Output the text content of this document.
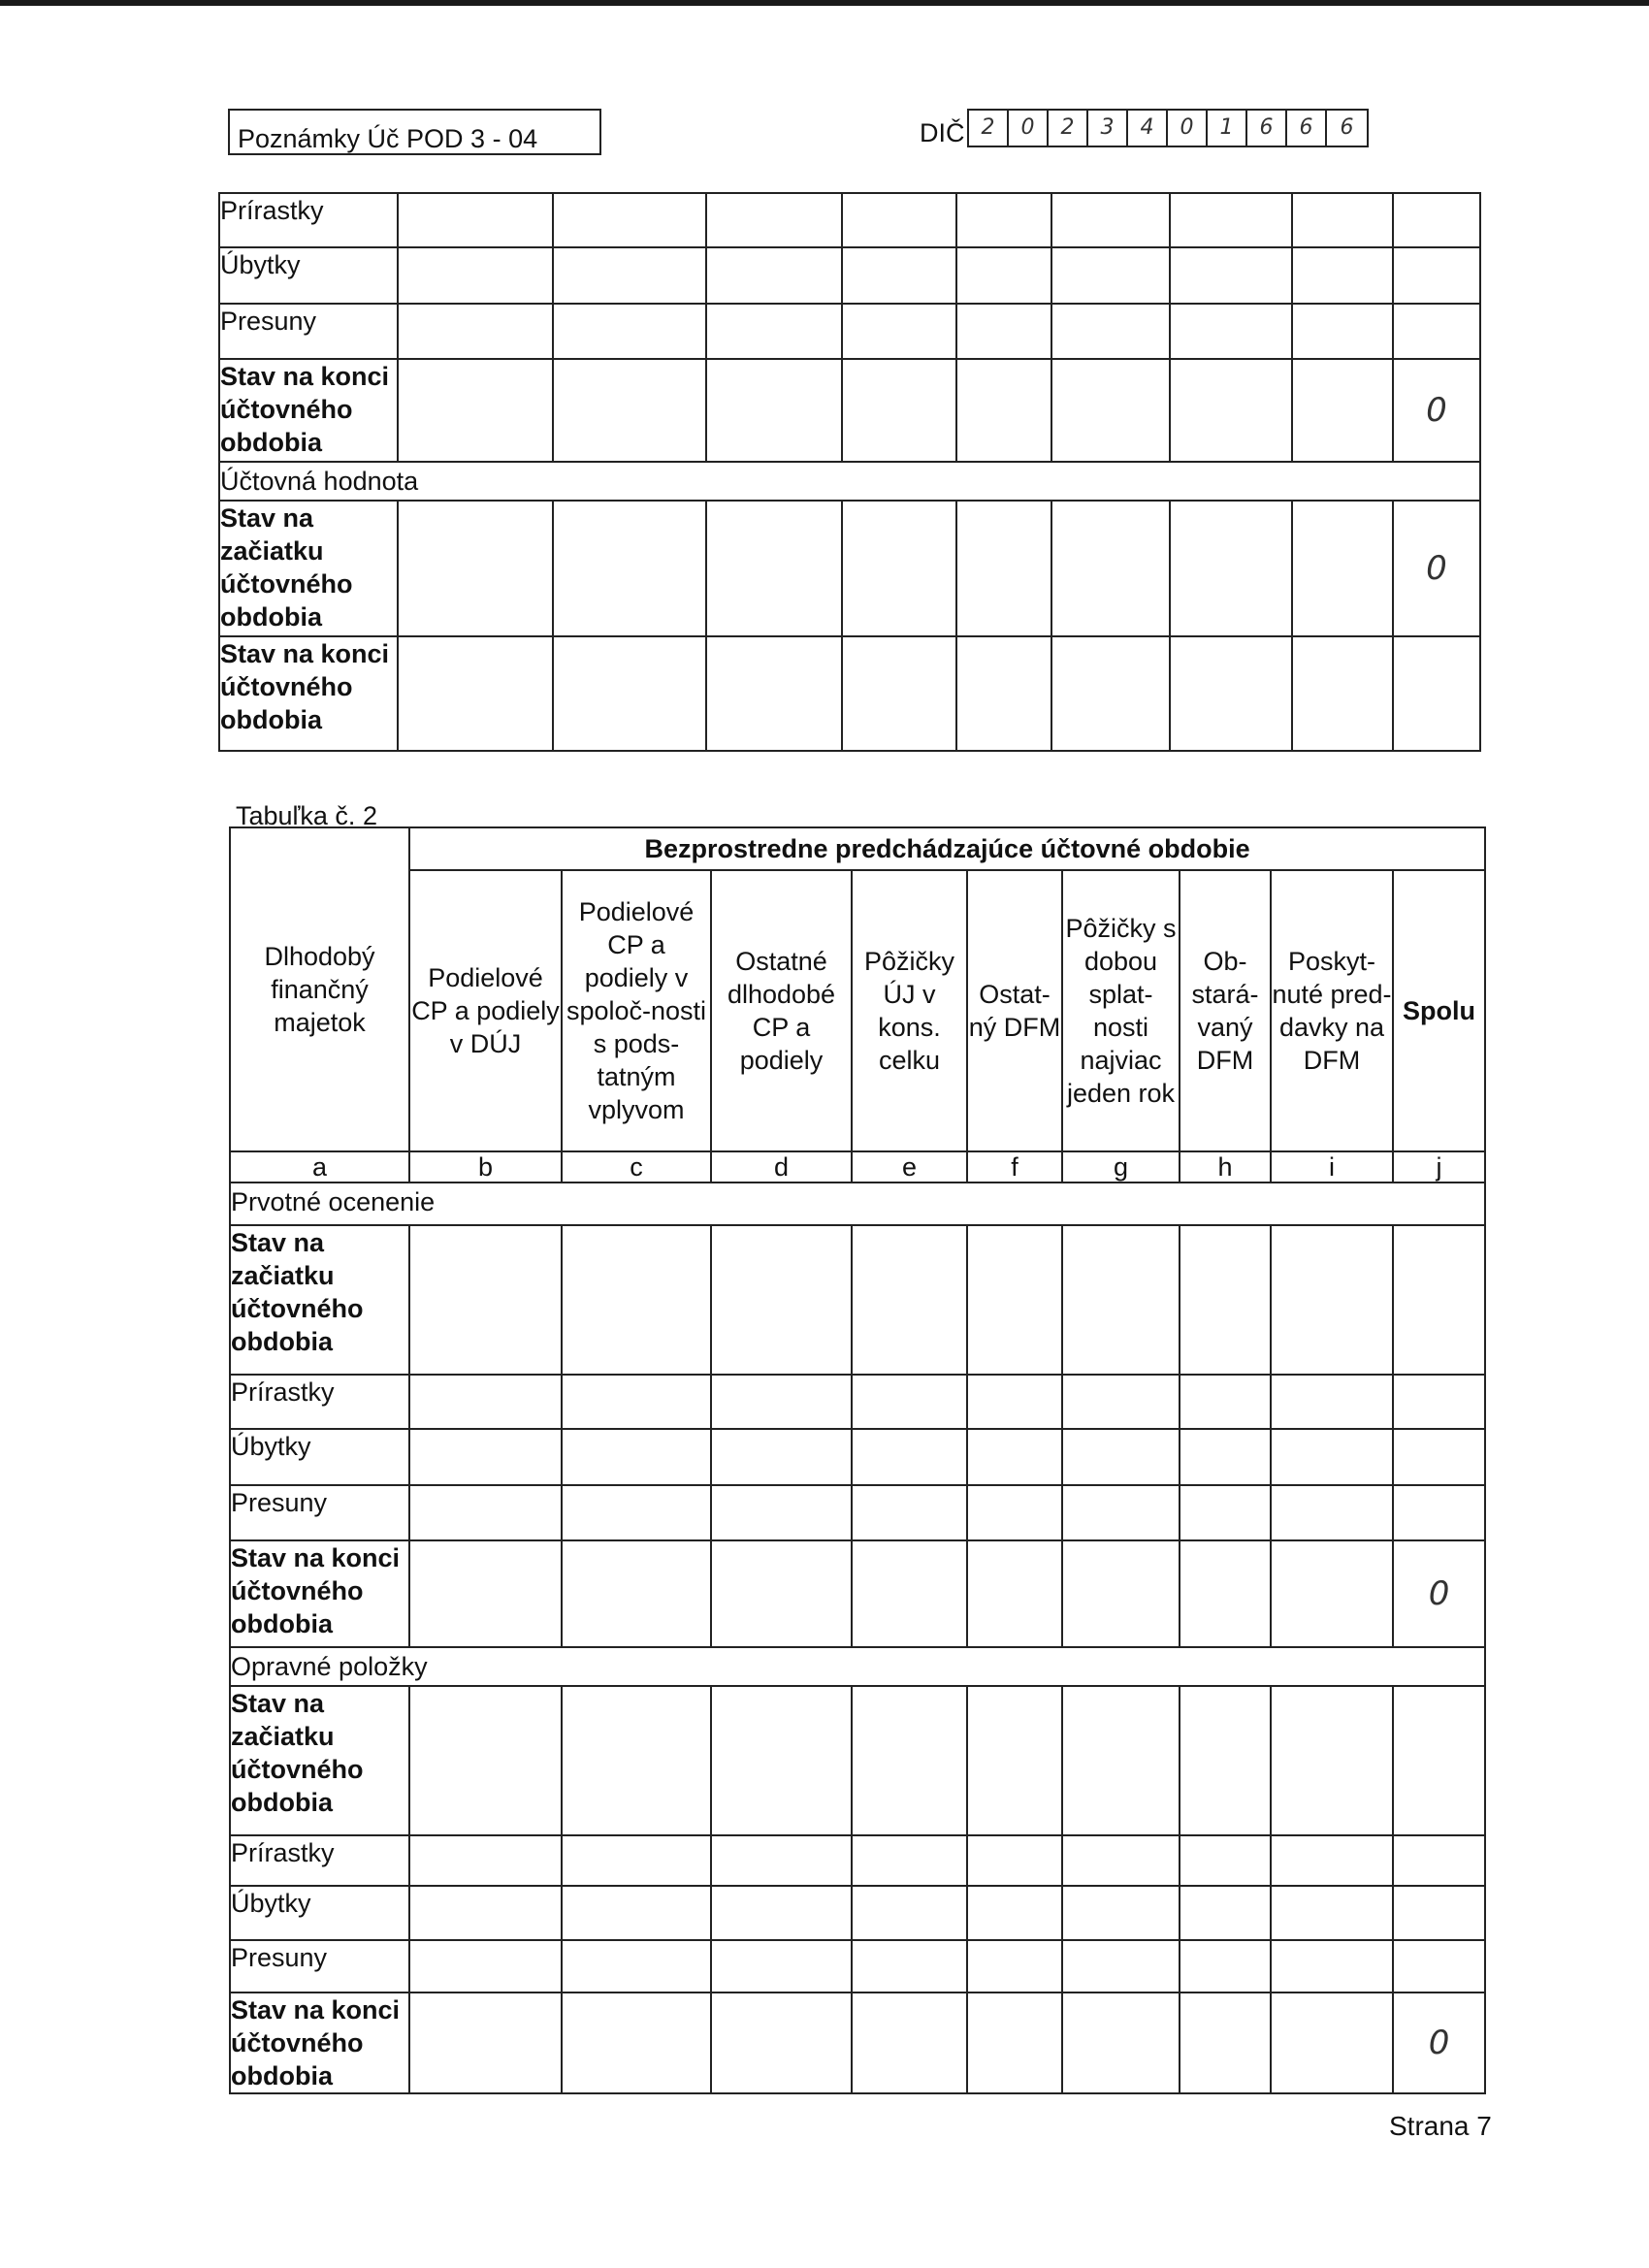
Poznámky Úč POD 3 - 04	DIČ 2	0	2	3	4	0	1	6	6	6
Prírastky									
Úbytky									
Presuny									
Stav na konci účtovného obdobia									0
Účtovná hodnota									
Stav na začiatku účtovného obdobia									0
Stav na konci účtovného obdobia									
Tabuľka č. 2
Dlhodobý finančný majetok	Bezprostredne predchádzajúce účtovné obdobie								
	Podielové CP a podiely v DÚJ	Podielové CP a podiely v spoloč-nosti s pods-tatným vplyvom	Ostatné dlhodobé CP a podiely	Pôžičky ÚJ v kons. celku	Ostat-ný DFM	Pôžičky s dobou splat-nosti najviac jeden rok	Ob-stará-vaný DFM	Poskyt-nuté pred-davky na DFM	Spolu
a	b	c	d	e	f	g	h	i	j
Prvotné ocenenie									
Stav na začiatku účtovného obdobia									
Prírastky									
Úbytky									
Presuny									
Stav na konci účtovného obdobia									0
Opravné položky									
Stav na začiatku účtovného obdobia									
Prírastky									
Úbytky									
Presuny									
Stav na konci účtovného obdobia									0
Strana 7
